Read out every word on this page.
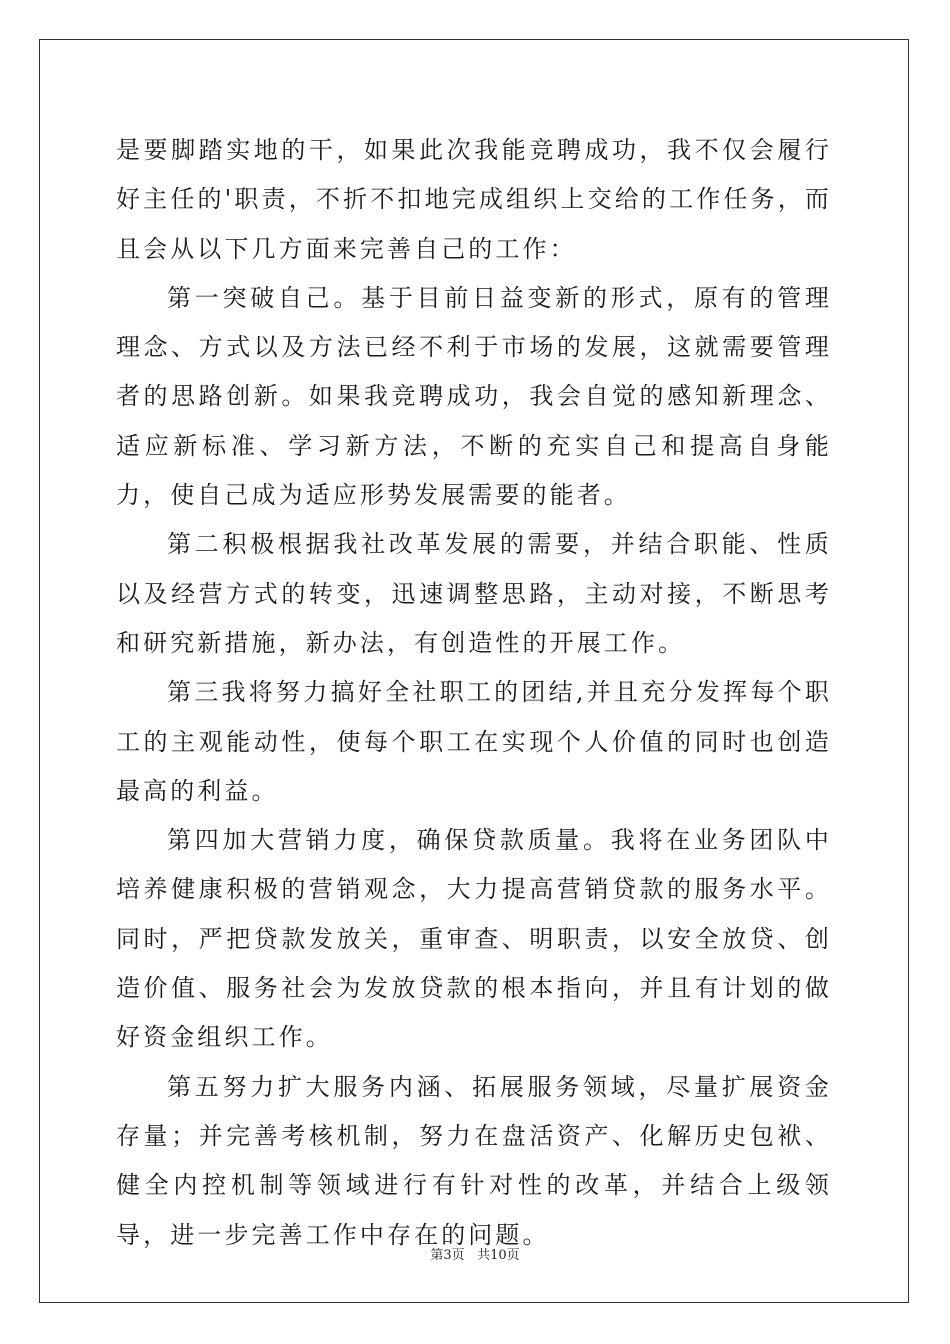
是要脚踏实地的干，如果此次我能竞聘成功，我不仅会履行好主任的'职责，不折不扣地完成组织上交给的工作任务，而且会从以下几方面来完善自己的工作：

第一突破自己。基于目前日益变新的形式，原有的管理理念、方式以及方法已经不利于市场的发展，这就需要管理者的思路创新。如果我竞聘成功，我会自觉的感知新理念、适应新标准、学习新方法，不断的充实自己和提高自身能力，使自己成为适应形势发展需要的能者。

第二积极根据我社改革发展的需要，并结合职能、性质以及经营方式的转变，迅速调整思路，主动对接，不断思考和研究新措施，新办法，有创造性的开展工作。

第三我将努力搞好全社职工的团结,并且充分发挥每个职工的主观能动性，使每个职工在实现个人价值的同时也创造最高的利益。

第四加大营销力度，确保贷款质量。我将在业务团队中培养健康积极的营销观念，大力提高营销贷款的服务水平。同时，严把贷款发放关，重审查、明职责，以安全放贷、创造价值、服务社会为发放贷款的根本指向，并且有计划的做好资金组织工作。

第五努力扩大服务内涵、拓展服务领域，尽量扩展资金存量；并完善考核机制，努力在盘活资产、化解历史包袱、健全内控机制等领域进行有针对性的改革，并结合上级领导，进一步完善工作中存在的问题。

第3页 共10页
